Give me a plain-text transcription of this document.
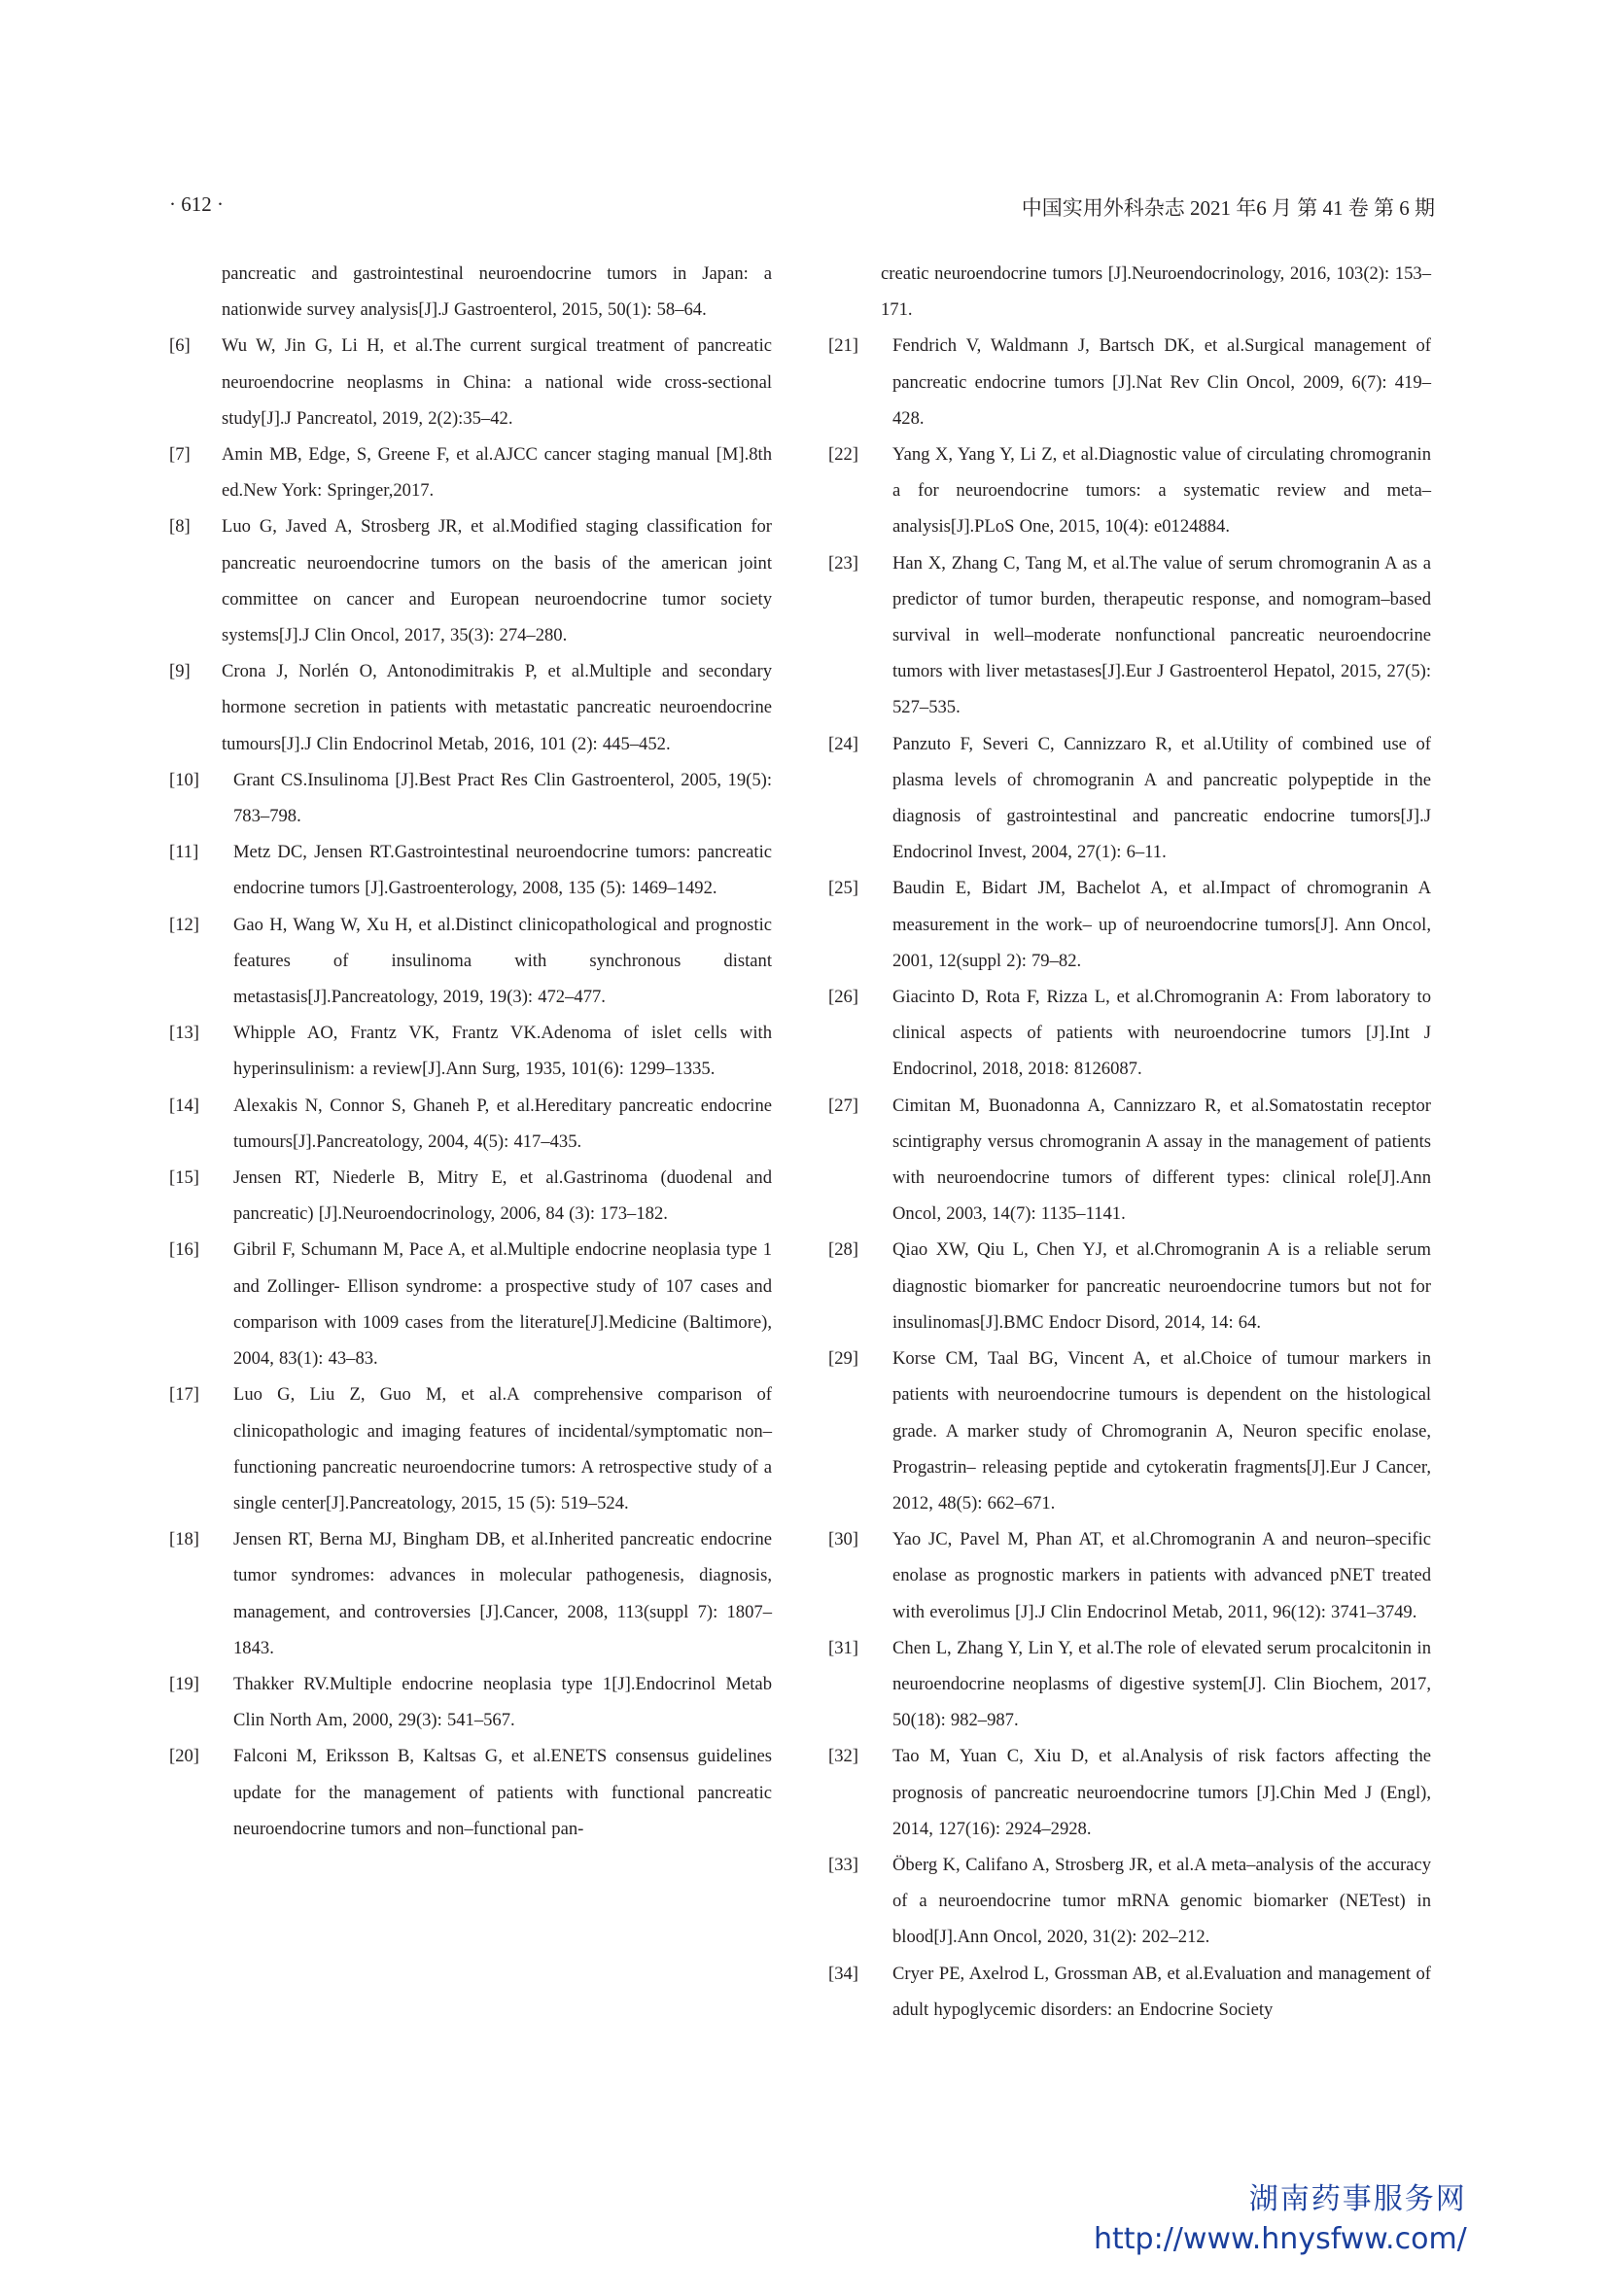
· 612 ·	中国实用外科杂志 2021 年6 月 第 41 卷 第 6 期
pancreatic and gastrointestinal neuroendocrine tumors in Japan: a nationwide survey analysis[J].J Gastroenterol, 2015, 50(1): 58–64.
[6] Wu W, Jin G, Li H, et al.The current surgical treatment of pancreatic neuroendocrine neoplasms in China: a national wide cross-sectional study[J].J Pancreatol, 2019, 2(2):35–42.
[7] Amin MB, Edge, S, Greene F, et al.AJCC cancer staging manual [M].8th ed.New York: Springer,2017.
[8] Luo G, Javed A, Strosberg JR, et al.Modified staging classification for pancreatic neuroendocrine tumors on the basis of the american joint committee on cancer and European neuroendocrine tumor society systems[J].J Clin Oncol, 2017, 35(3): 274–280.
[9] Crona J, Norlén O, Antonodimitrakis P, et al.Multiple and secondary hormone secretion in patients with metastatic pancreatic neuroendocrine tumours[J].J Clin Endocrinol Metab, 2016, 101 (2): 445–452.
[10] Grant CS.Insulinoma [J].Best Pract Res Clin Gastroenterol, 2005, 19(5): 783–798.
[11] Metz DC, Jensen RT.Gastrointestinal neuroendocrine tumors: pancreatic endocrine tumors [J].Gastroenterology, 2008, 135 (5): 1469–1492.
[12] Gao H, Wang W, Xu H, et al.Distinct clinicopathological and prognostic features of insulinoma with synchronous distant metastasis[J].Pancreatology, 2019, 19(3): 472–477.
[13] Whipple AO, Frantz VK, Frantz VK.Adenoma of islet cells with hyperinsulinism: a review[J].Ann Surg, 1935, 101(6): 1299–1335.
[14] Alexakis N, Connor S, Ghaneh P, et al.Hereditary pancreatic endocrine tumours[J].Pancreatology, 2004, 4(5): 417–435.
[15] Jensen RT, Niederle B, Mitry E, et al.Gastrinoma (duodenal and pancreatic) [J].Neuroendocrinology, 2006, 84 (3): 173–182.
[16] Gibril F, Schumann M, Pace A, et al.Multiple endocrine neoplasia type 1 and Zollinger- Ellison syndrome: a prospective study of 107 cases and comparison with 1009 cases from the literature[J].Medicine (Baltimore), 2004, 83(1): 43–83.
[17] Luo G, Liu Z, Guo M, et al.A comprehensive comparison of clinicopathologic and imaging features of incidental/symptomatic non–functioning pancreatic neuroendocrine tumors: A retrospective study of a single center[J].Pancreatology, 2015, 15 (5): 519–524.
[18] Jensen RT, Berna MJ, Bingham DB, et al.Inherited pancreatic endocrine tumor syndromes: advances in molecular pathogenesis, diagnosis, management, and controversies [J].Cancer, 2008, 113(suppl 7): 1807–1843.
[19] Thakker RV.Multiple endocrine neoplasia type 1[J].Endocrinol Metab Clin North Am, 2000, 29(3): 541–567.
[20] Falconi M, Eriksson B, Kaltsas G, et al.ENETS consensus guidelines update for the management of patients with functional pancreatic neuroendocrine tumors and non–functional pan-
creatic neuroendocrine tumors [J].Neuroendocrinology, 2016, 103(2): 153–171.
[21] Fendrich V, Waldmann J, Bartsch DK, et al.Surgical management of pancreatic endocrine tumors [J].Nat Rev Clin Oncol, 2009, 6(7): 419–428.
[22] Yang X, Yang Y, Li Z, et al.Diagnostic value of circulating chromogranin a for neuroendocrine tumors: a systematic review and meta–analysis[J].PLoS One, 2015, 10(4): e0124884.
[23] Han X, Zhang C, Tang M, et al.The value of serum chromogranin A as a predictor of tumor burden, therapeutic response, and nomogram–based survival in well–moderate nonfunctional pancreatic neuroendocrine tumors with liver metastases[J].Eur J Gastroenterol Hepatol, 2015, 27(5): 527–535.
[24] Panzuto F, Severi C, Cannizzaro R, et al.Utility of combined use of plasma levels of chromogranin A and pancreatic polypeptide in the diagnosis of gastrointestinal and pancreatic endocrine tumors[J].J Endocrinol Invest, 2004, 27(1): 6–11.
[25] Baudin E, Bidart JM, Bachelot A, et al.Impact of chromogranin A measurement in the work– up of neuroendocrine tumors[J]. Ann Oncol, 2001, 12(suppl 2): 79–82.
[26] Giacinto D, Rota F, Rizza L, et al.Chromogranin A: From laboratory to clinical aspects of patients with neuroendocrine tumors [J].Int J Endocrinol, 2018, 2018: 8126087.
[27] Cimitan M, Buonadonna A, Cannizzaro R, et al.Somatostatin receptor scintigraphy versus chromogranin A assay in the management of patients with neuroendocrine tumors of different types: clinical role[J].Ann Oncol, 2003, 14(7): 1135–1141.
[28] Qiao XW, Qiu L, Chen YJ, et al.Chromogranin A is a reliable serum diagnostic biomarker for pancreatic neuroendocrine tumors but not for insulinomas[J].BMC Endocr Disord, 2014, 14: 64.
[29] Korse CM, Taal BG, Vincent A, et al.Choice of tumour markers in patients with neuroendocrine tumours is dependent on the histological grade. A marker study of Chromogranin A, Neuron specific enolase, Progastrin– releasing peptide and cytokeratin fragments[J].Eur J Cancer, 2012, 48(5): 662–671.
[30] Yao JC, Pavel M, Phan AT, et al.Chromogranin A and neuron–specific enolase as prognostic markers in patients with advanced pNET treated with everolimus [J].J Clin Endocrinol Metab, 2011, 96(12): 3741–3749.
[31] Chen L, Zhang Y, Lin Y, et al.The role of elevated serum procalcitonin in neuroendocrine neoplasms of digestive system[J]. Clin Biochem, 2017, 50(18): 982–987.
[32] Tao M, Yuan C, Xiu D, et al.Analysis of risk factors affecting the prognosis of pancreatic neuroendocrine tumors [J].Chin Med J (Engl), 2014, 127(16): 2924–2928.
[33] Öberg K, Califano A, Strosberg JR, et al.A meta–analysis of the accuracy of a neuroendocrine tumor mRNA genomic biomarker (NETest) in blood[J].Ann Oncol, 2020, 31(2): 202–212.
[34] Cryer PE, Axelrod L, Grossman AB, et al.Evaluation and management of adult hypoglycemic disorders: an Endocrine Society
湖南药事服务网
http://www.hnysfww.com/
